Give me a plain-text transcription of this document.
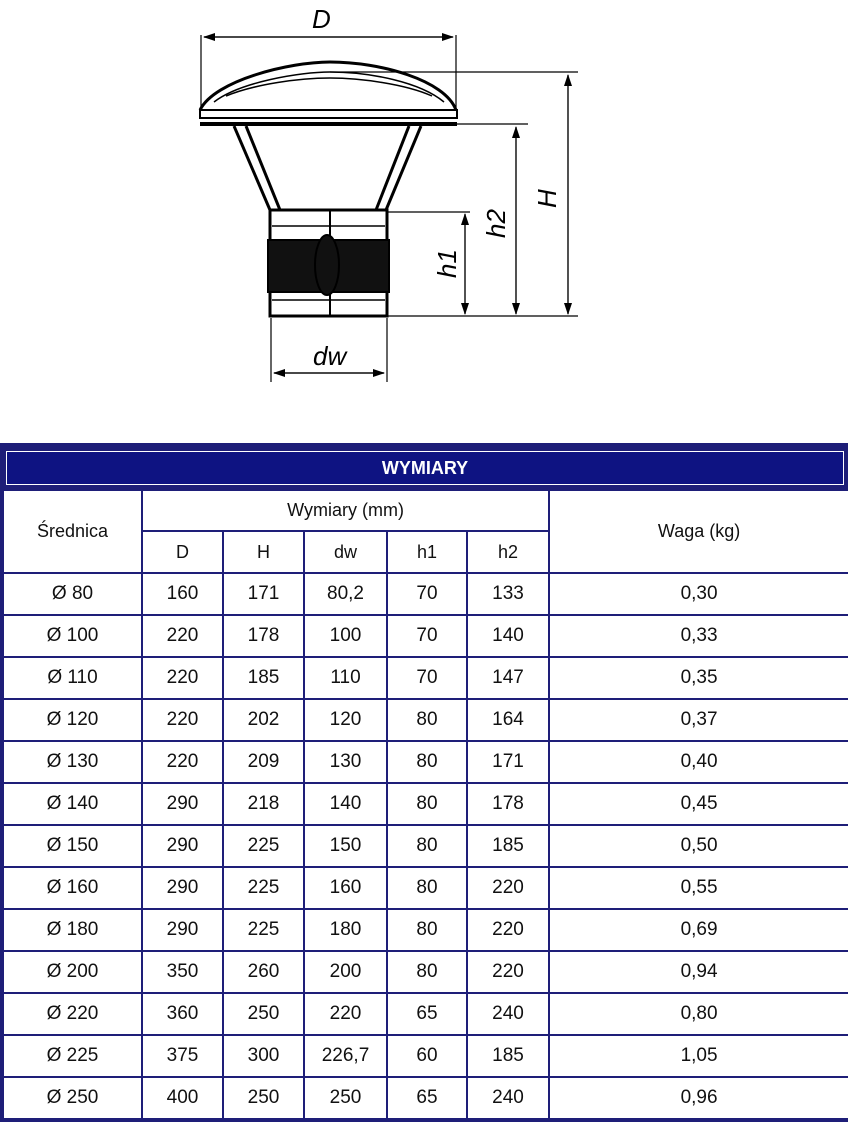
D
H
h2
h1
dw
WYMIARY
Średnica	Wymiary (mm)					Waga (kg)
	D	H	dw	h1	h2	
Ø 80	160	171	80,2	70	133	0,30
Ø 100	220	178	100	70	140	0,33
Ø 110	220	185	110	70	147	0,35
Ø 120	220	202	120	80	164	0,37
Ø 130	220	209	130	80	171	0,40
Ø 140	290	218	140	80	178	0,45
Ø 150	290	225	150	80	185	0,50
Ø 160	290	225	160	80	220	0,55
Ø 180	290	225	180	80	220	0,69
Ø 200	350	260	200	80	220	0,94
Ø 220	360	250	220	65	240	0,80
Ø 225	375	300	226,7	60	185	1,05
Ø 250	400	250	250	65	240	0,96
